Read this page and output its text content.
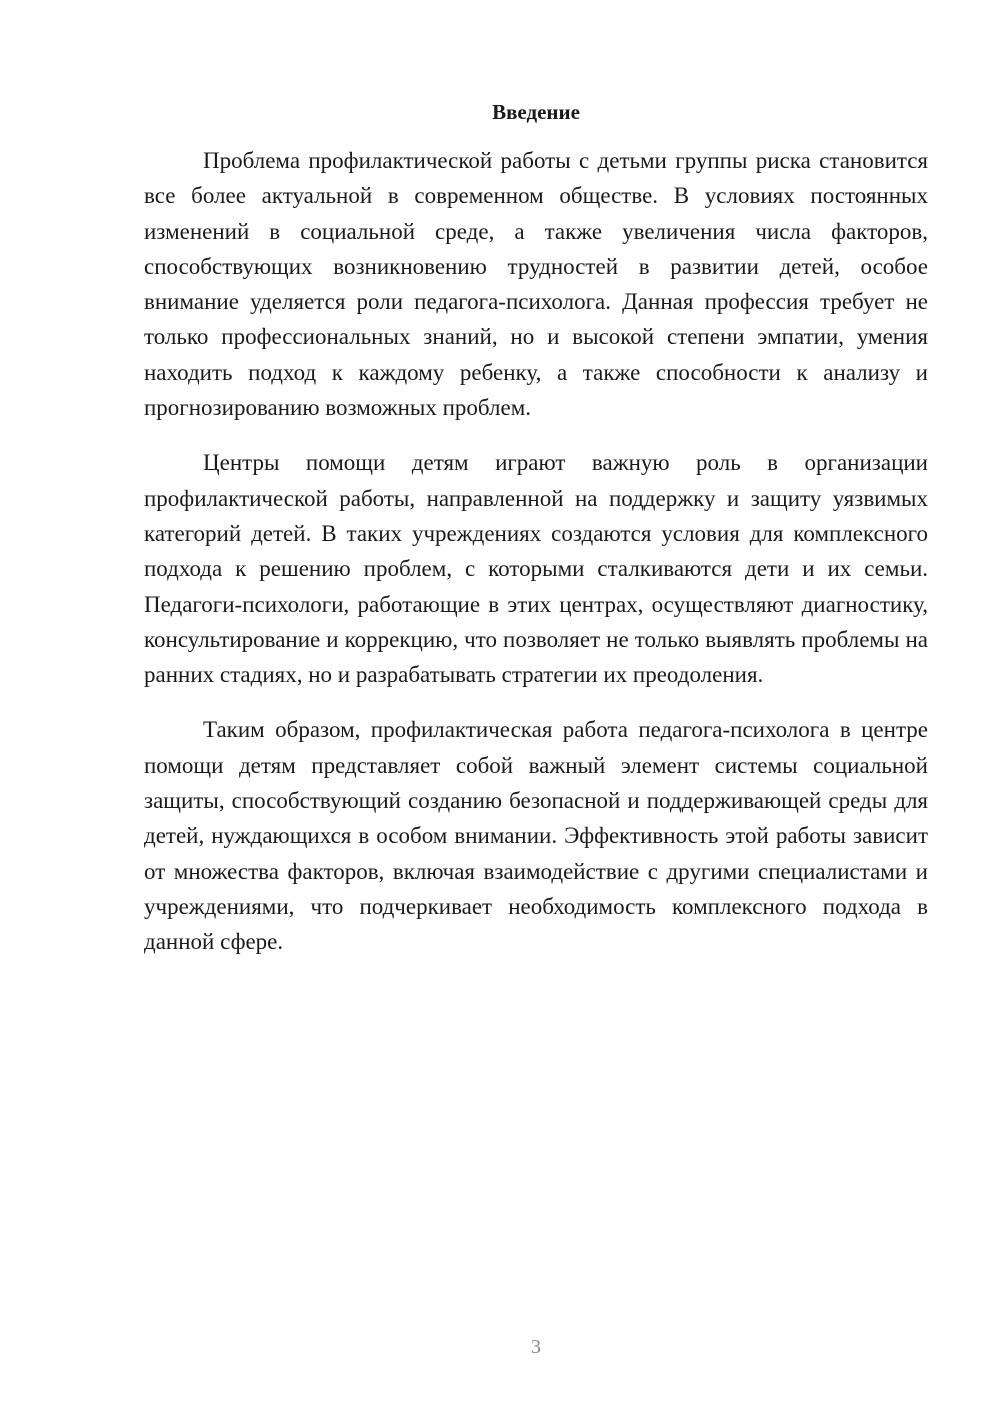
Введение

Проблема профилактической работы с детьми группы риска становится все более актуальной в современном обществе. В условиях постоянных изменений в социальной среде, а также увеличения числа факторов, способствующих возникновению трудностей в развитии детей, особое внимание уделяется роли педагога-психолога. Данная профессия требует не только профессиональных знаний, но и высокой степени эмпатии, умения находить подход к каждому ребенку, а также способности к анализу и прогнозированию возможных проблем.

Центры помощи детям играют важную роль в организации профилактической работы, направленной на поддержку и защиту уязвимых категорий детей. В таких учреждениях создаются условия для комплексного подхода к решению проблем, с которыми сталкиваются дети и их семьи. Педагоги-психологи, работающие в этих центрах, осуществляют диагностику, консультирование и коррекцию, что позволяет не только выявлять проблемы на ранних стадиях, но и разрабатывать стратегии их преодоления.

Таким образом, профилактическая работа педагога-психолога в центре помощи детям представляет собой важный элемент системы социальной защиты, способствующий созданию безопасной и поддерживающей среды для детей, нуждающихся в особом внимании. Эффективность этой работы зависит от множества факторов, включая взаимодействие с другими специалистами и учреждениями, что подчеркивает необходимость комплексного подхода в данной сфере.

3
